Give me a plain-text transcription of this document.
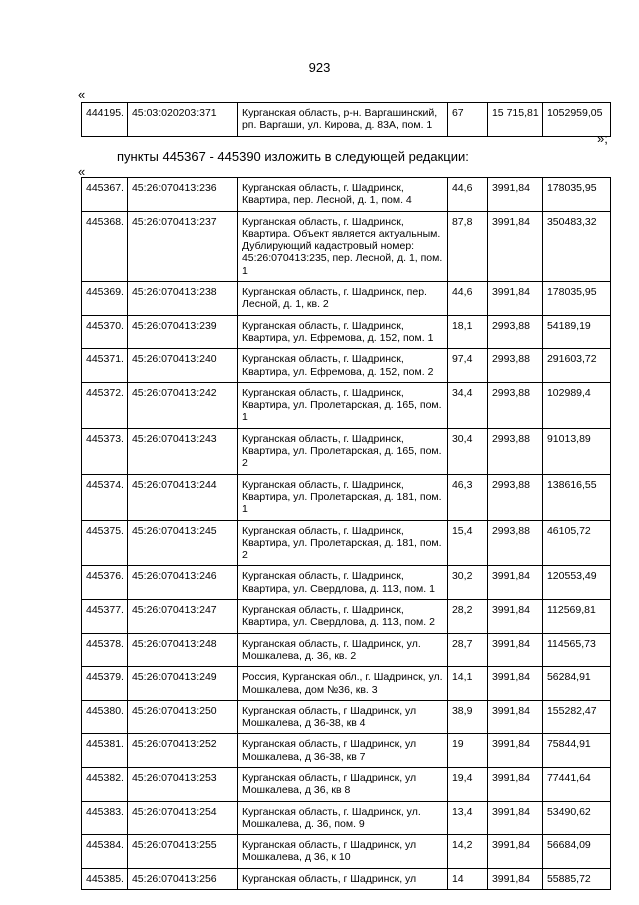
923
«
444195.	45:03:020203:371	Курганская область, р-н. Варгашинский, рп. Варгаши, ул. Кирова, д. 83А, пом. 1	67	15 715,81	1052959,05
»;
пункты 445367 - 445390 изложить в следующей редакции:
«
445367.	45:26:070413:236	Курганская область, г. Шадринск, Квартира, пер. Лесной, д. 1, пом. 4	44,6	3991,84	178035,95
445368.	45:26:070413:237	Курганская область, г. Шадринск, Квартира. Объект является актуальным. Дублирующий кадастровый номер: 45:26:070413:235, пер. Лесной, д. 1, пом. 1	87,8	3991,84	350483,32
445369.	45:26:070413:238	Курганская область, г. Шадринск, пер. Лесной, д. 1, кв. 2	44,6	3991,84	178035,95
445370.	45:26:070413:239	Курганская область, г. Шадринск, Квартира, ул. Ефремова, д. 152, пом. 1	18,1	2993,88	54189,19
445371.	45:26:070413:240	Курганская область, г. Шадринск, Квартира, ул. Ефремова, д. 152, пом. 2	97,4	2993,88	291603,72
445372.	45:26:070413:242	Курганская область, г. Шадринск, Квартира, ул. Пролетарская, д. 165, пом. 1	34,4	2993,88	102989,4
445373.	45:26:070413:243	Курганская область, г. Шадринск, Квартира, ул. Пролетарская, д. 165, пом. 2	30,4	2993,88	91013,89
445374.	45:26:070413:244	Курганская область, г. Шадринск, Квартира, ул. Пролетарская, д. 181, пом. 1	46,3	2993,88	138616,55
445375.	45:26:070413:245	Курганская область, г. Шадринск, Квартира, ул. Пролетарская, д. 181, пом. 2	15,4	2993,88	46105,72
445376.	45:26:070413:246	Курганская область, г. Шадринск, Квартира, ул. Свердлова, д. 113, пом. 1	30,2	3991,84	120553,49
445377.	45:26:070413:247	Курганская область, г. Шадринск, Квартира, ул. Свердлова, д. 113, пом. 2	28,2	3991,84	112569,81
445378.	45:26:070413:248	Курганская область, г. Шадринск, ул. Мошкалева, д. 36, кв. 2	28,7	3991,84	114565,73
445379.	45:26:070413:249	Россия, Курганская обл., г. Шадринск, ул. Мошкалева, дом №36, кв. 3	14,1	3991,84	56284,91
445380.	45:26:070413:250	Курганская область, г Шадринск, ул Мошкалева, д 36-38, кв 4	38,9	3991,84	155282,47
445381.	45:26:070413:252	Курганская область, г Шадринск, ул Мошкалева, д 36-38, кв 7	19	3991,84	75844,91
445382.	45:26:070413:253	Курганская область, г Шадринск, ул Мошкалева, д 36, кв 8	19,4	3991,84	77441,64
445383.	45:26:070413:254	Курганская область, г. Шадринск, ул. Мошкалева, д. 36, пом. 9	13,4	3991,84	53490,62
445384.	45:26:070413:255	Курганская область, г Шадринск, ул Мошкалева, д 36, к 10	14,2	3991,84	56684,09
445385.	45:26:070413:256	Курганская область, г Шадринск, ул	14	3991,84	55885,72
